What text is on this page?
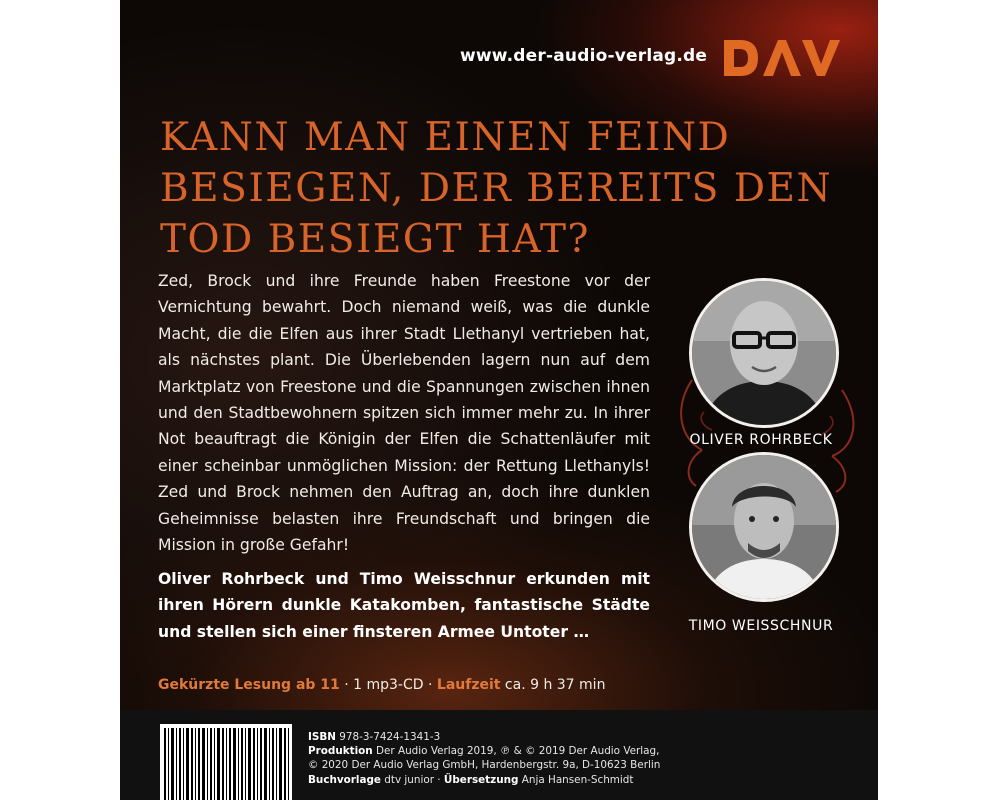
www.der-audio-verlag.de
KANN MAN EINEN FEIND
BESIEGEN, DER BEREITS DEN
TOD BESIEGT HAT?
Zed, Brock und ihre Freunde haben Freestone vor der Vernichtung bewahrt. Doch niemand weiß, was die dunkle Macht, die die Elfen aus ihrer Stadt Llethanyl vertrieben hat, als nächstes plant. Die Überlebenden lagern nun auf dem Marktplatz von Freestone und die Spannungen zwischen ihnen und den Stadtbewohnern spitzen sich immer mehr zu. In ihrer Not beauftragt die Königin der Elfen die Schattenläufer mit einer scheinbar unmöglichen Mission: der Rettung Llethanyls! Zed und Brock nehmen den Auftrag an, doch ihre dunklen Geheimnisse belasten ihre Freundschaft und bringen die Mission in große Gefahr!
Oliver Rohrbeck und Timo Weisschnur erkunden mit ihren Hörern dunkle Katakomben, fantastische Städte und stellen sich einer finsteren Armee Untoter …
Gekürzte Lesung ab 11 · 1 mp3-CD · Laufzeit ca. 9 h 37 min
OLIVER ROHRBECK
TIMO WEISSCHNUR
ISBN 978-3-7424-1341-3
Produktion Der Audio Verlag 2019, ℗ & © 2019 Der Audio Verlag,
© 2020 Der Audio Verlag GmbH, Hardenbergstr. 9a, D-10623 Berlin
Buchvorlage dtv junior · Übersetzung Anja Hansen-Schmidt
